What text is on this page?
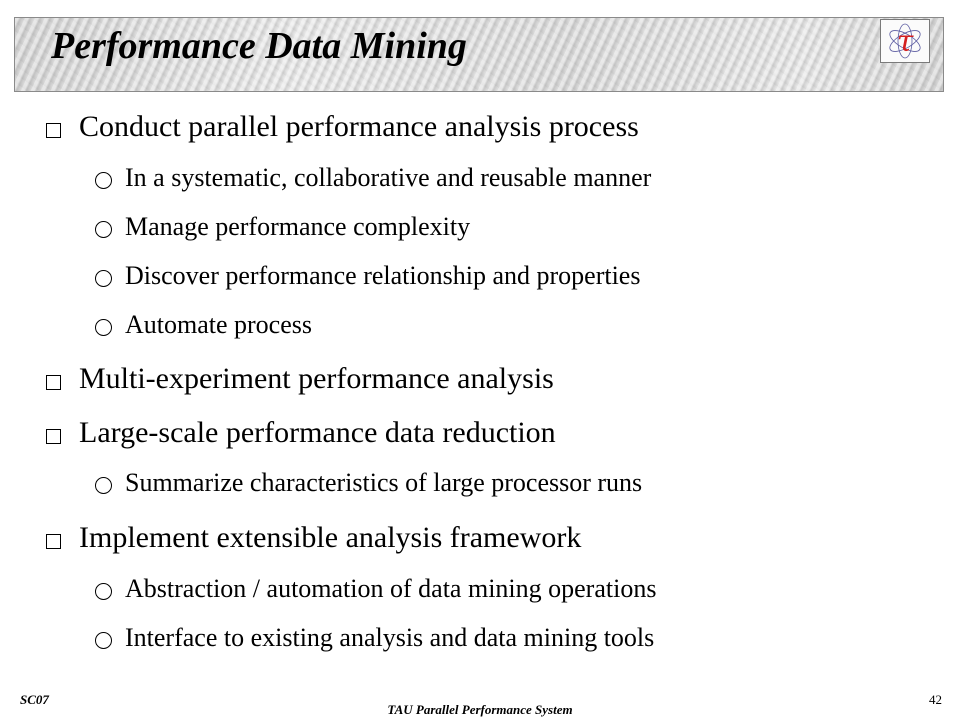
Performance Data Mining	τ
Conduct parallel performance analysis process
In a systematic, collaborative and reusable manner
Manage performance complexity
Discover performance relationship and properties
Automate process
Multi-experiment performance analysis
Large-scale performance data reduction
Summarize characteristics of large processor runs
Implement extensible analysis framework
Abstraction / automation of data mining operations
Interface to existing analysis and data mining tools
SC07
TAU Parallel Performance System
42
